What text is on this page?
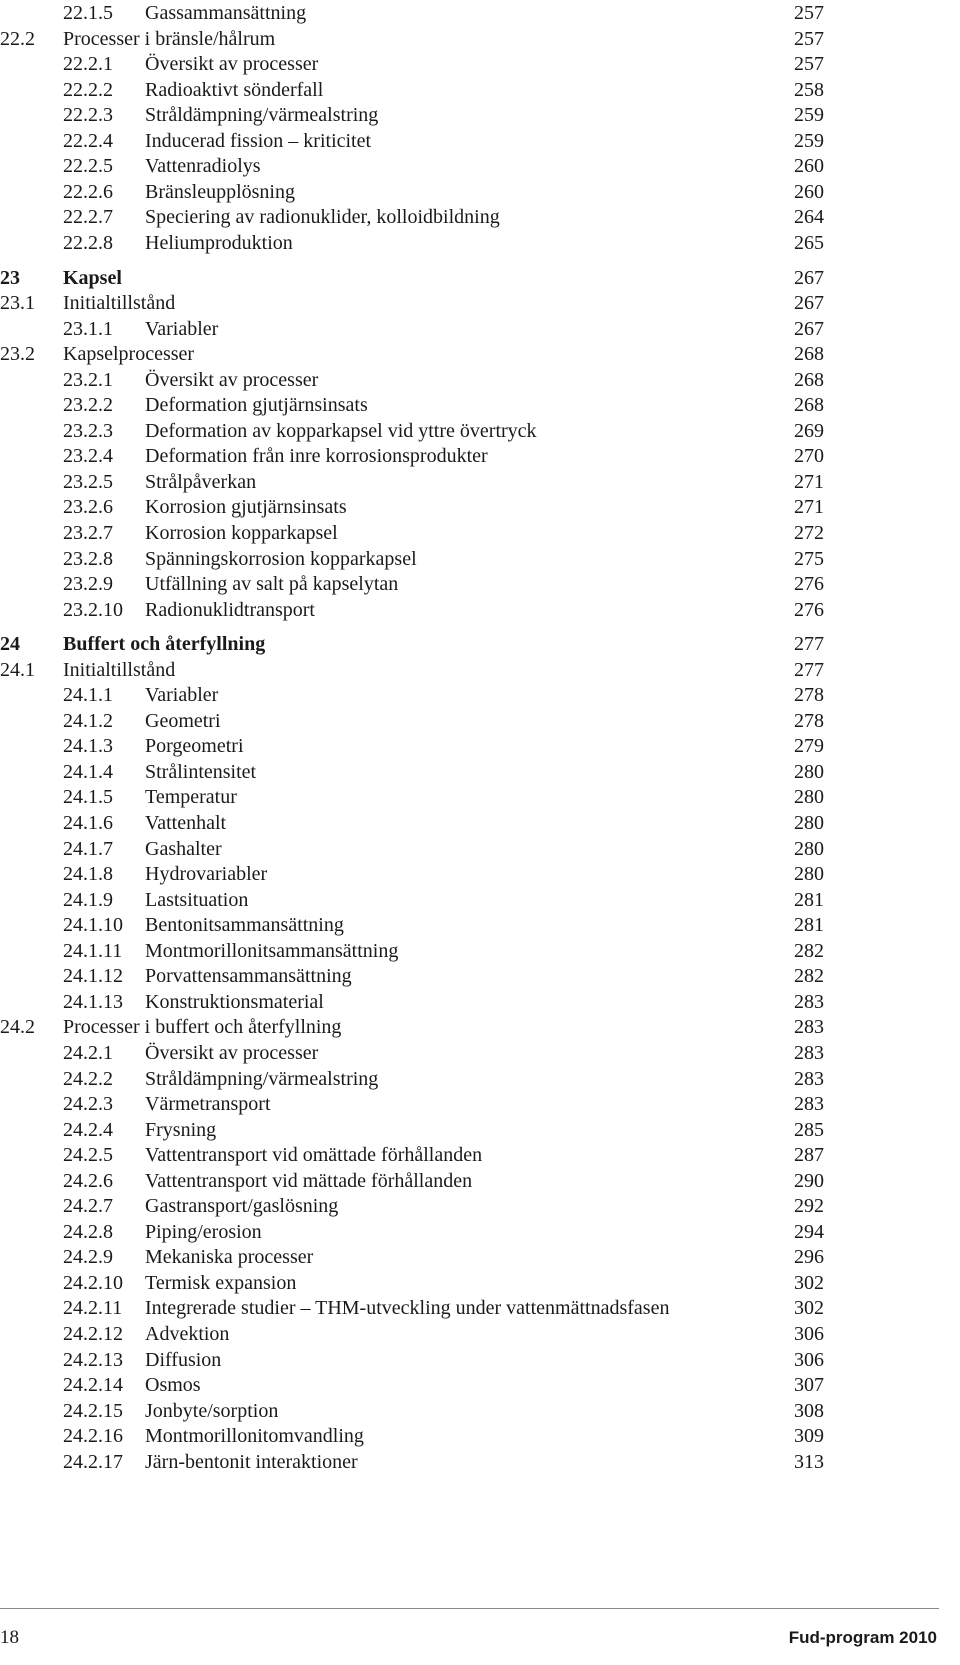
22.1.5 Gassammansättning	257
22.2 Processer i bränsle/hålrum	257
22.2.1 Översikt av processer	257
22.2.2 Radioaktivt sönderfall	258
22.2.3 Stråldämpning/värmealstring	259
22.2.4 Inducerad fission – kriticitet	259
22.2.5 Vattenradiolys	260
22.2.6 Bränsleupplösning	260
22.2.7 Speciering av radionuklider, kolloidbildning	264
22.2.8 Heliumproduktion	265
23 Kapsel	267
23.1 Initialtillstånd	267
23.1.1 Variabler	267
23.2 Kapselprocesser	268
23.2.1 Översikt av processer	268
23.2.2 Deformation gjutjärnsinsats	268
23.2.3 Deformation av kopparkapsel vid yttre övertryck	269
23.2.4 Deformation från inre korrosionsprodukter	270
23.2.5 Strålpåverkan	271
23.2.6 Korrosion gjutjärnsinsats	271
23.2.7 Korrosion kopparkapsel	272
23.2.8 Spänningskorrosion kopparkapsel	275
23.2.9 Utfällning av salt på kapselytan	276
23.2.10 Radionuklidtransport	276
24 Buffert och återfyllning	277
24.1 Initialtillstånd	277
24.1.1 Variabler	278
24.1.2 Geometri	278
24.1.3 Porgeometri	279
24.1.4 Strålintensitet	280
24.1.5 Temperatur	280
24.1.6 Vattenhalt	280
24.1.7 Gashalter	280
24.1.8 Hydrovariabler	280
24.1.9 Lastsituation	281
24.1.10 Bentonitsammansättning	281
24.1.11 Montmorillonitsammansättning	282
24.1.12 Porvattensammansättning	282
24.1.13 Konstruktionsmaterial	283
24.2 Processer i buffert och återfyllning	283
24.2.1 Översikt av processer	283
24.2.2 Stråldämpning/värmealstring	283
24.2.3 Värmetransport	283
24.2.4 Frysning	285
24.2.5 Vattentransport vid omättade förhållanden	287
24.2.6 Vattentransport vid mättade förhållanden	290
24.2.7 Gastransport/gaslösning	292
24.2.8 Piping/erosion	294
24.2.9 Mekaniska processer	296
24.2.10 Termisk expansion	302
24.2.11 Integrerade studier – THM-utveckling under vattenmättnadsfasen	302
24.2.12 Advektion	306
24.2.13 Diffusion	306
24.2.14 Osmos	307
24.2.15 Jonbyte/sorption	308
24.2.16 Montmorillonitomvandling	309
24.2.17 Järn-bentonit interaktioner	313
18	Fud-program 2010
